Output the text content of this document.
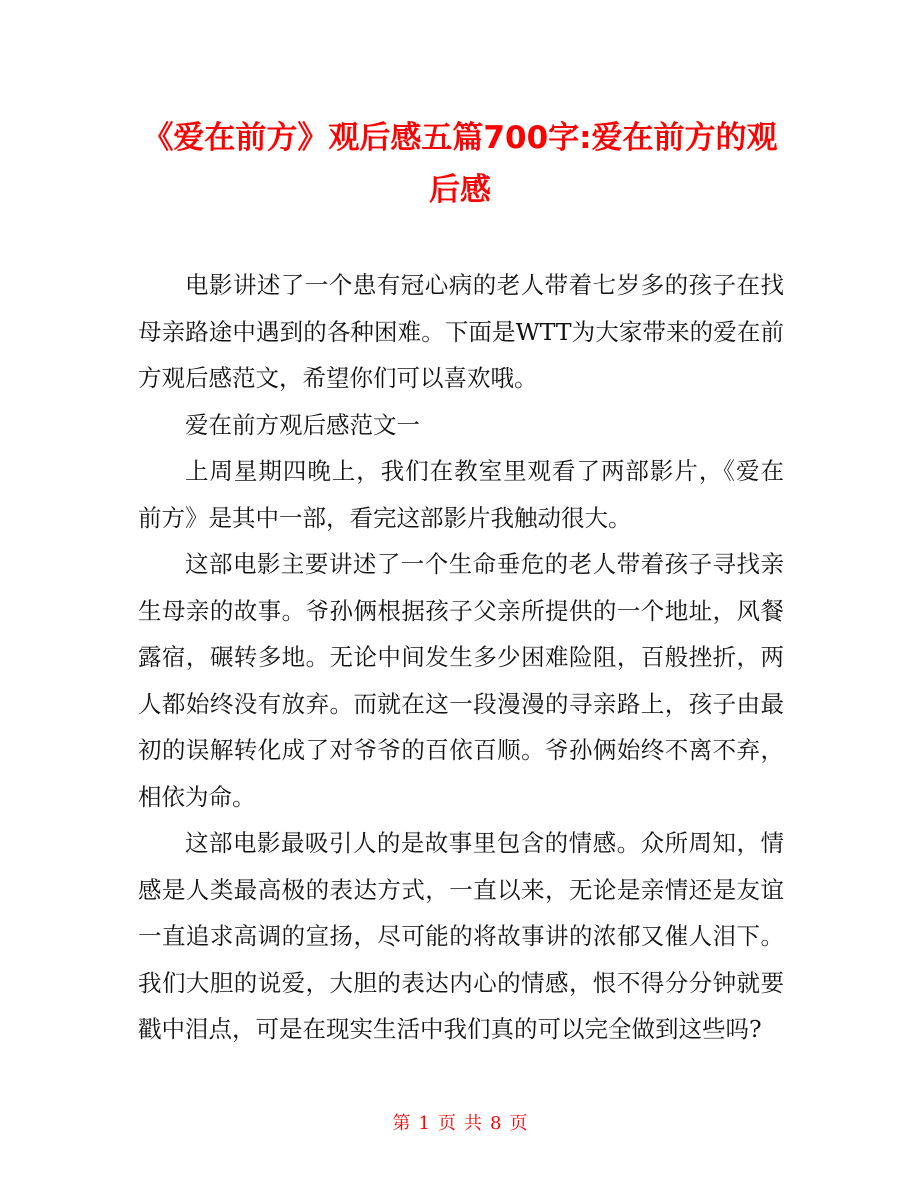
《爱在前方》观后感五篇700字:爱在前方的观后感

电影讲述了一个患有冠心病的老人带着七岁多的孩子在找母亲路途中遇到的各种困难。下面是WTT为大家带来的爱在前方观后感范文，希望你们可以喜欢哦。

爱在前方观后感范文一

上周星期四晚上，我们在教室里观看了两部影片，《爱在前方》是其中一部，看完这部影片我触动很大。

这部电影主要讲述了一个生命垂危的老人带着孩子寻找亲生母亲的故事。爷孙俩根据孩子父亲所提供的一个地址，风餐露宿，碾转多地。无论中间发生多少困难险阻，百般挫折，两人都始终没有放弃。而就在这一段漫漫的寻亲路上，孩子由最初的误解转化成了对爷爷的百依百顺。爷孙俩始终不离不弃，相依为命。

这部电影最吸引人的是故事里包含的情感。众所周知，情感是人类最高极的表达方式，一直以来，无论是亲情还是友谊一直追求高调的宣扬，尽可能的将故事讲的浓郁又催人泪下。我们大胆的说爱，大胆的表达内心的情感，恨不得分分钟就要戳中泪点，可是在现实生活中我们真的可以完全做到这些吗?

第 1 页 共 8 页
